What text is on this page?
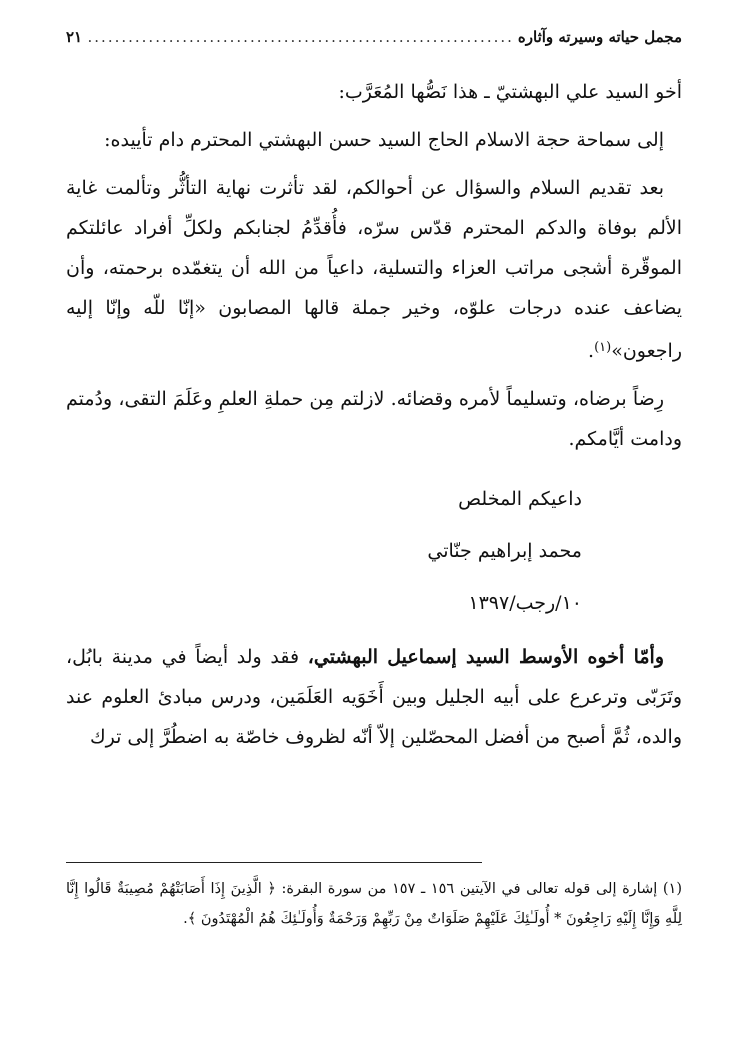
مجمل حياته وسيرته وآثاره
.....
٢١

أخو السيد علي البهشتيّ ـ هذا نَصُّها المُعَرَّب:

إلى سماحة حجة الاسلام الحاج السيد حسن البهشتي المحترم دام تأييده:

بعد تقديم السلام والسؤال عن أحوالكم، لقد تأثرت نهاية التأثُّر وتألمت غاية الألم بوفاة والدكم المحترم قدّس سرّه، فأُقدِّمُ لجنابكم ولكلِّ أفراد عائلتكم الموقّرة أشجى مراتب العزاء والتسلية، داعياً من الله أن يتغمّده برحمته، وأن يضاعف عنده درجات علوّه، وخير جملة قالها المصابون «إنّا للّه وإنّا إليه راجعون»$^{(١)}$.

رِضاً برضاه، وتسليماً لأمره وقضائه. لازلتم مِن حملةِ العلمِ وعَلَمَ التقى، ودُمتم ودامت أيَّامكم.

داعيكم المخلص

محمد إبراهيم جنّاتي

١٠/رجب/١٣٩٧

وأمّا أخوه الأوسط السيد إسماعيل البهشتي، فقد ولد أيضاً في مدينة بابُل، وتَرَبّى وترعرع على أبيه الجليل وبين أَخَوَيه العَلَمَين، ودرس مبادئ العلوم عند والده، ثُمَّ أصبح من أفضل المحصّلين إلاّ أنّه لظروف خاصّة به اضطُرَّ إلى ترك

(١) إشارة إلى قوله تعالى في الآيتين ١٥٦ ـ ١٥٧ من سورة البقرة: ﴿ الَّذِينَ إِذَا أَصَابَتْهُمْ مُصِيبَةٌ قَالُوا إِنَّا لِلَّهِ وَإِنَّا إِلَيْهِ رَاجِعُونَ * أُولَـٰئِكَ عَلَيْهِمْ صَلَوَاتٌ مِنْ رَبِّهِمْ وَرَحْمَةٌ وَأُولَـٰئِكَ هُمُ الْمُهْتَدُونَ ﴾.
